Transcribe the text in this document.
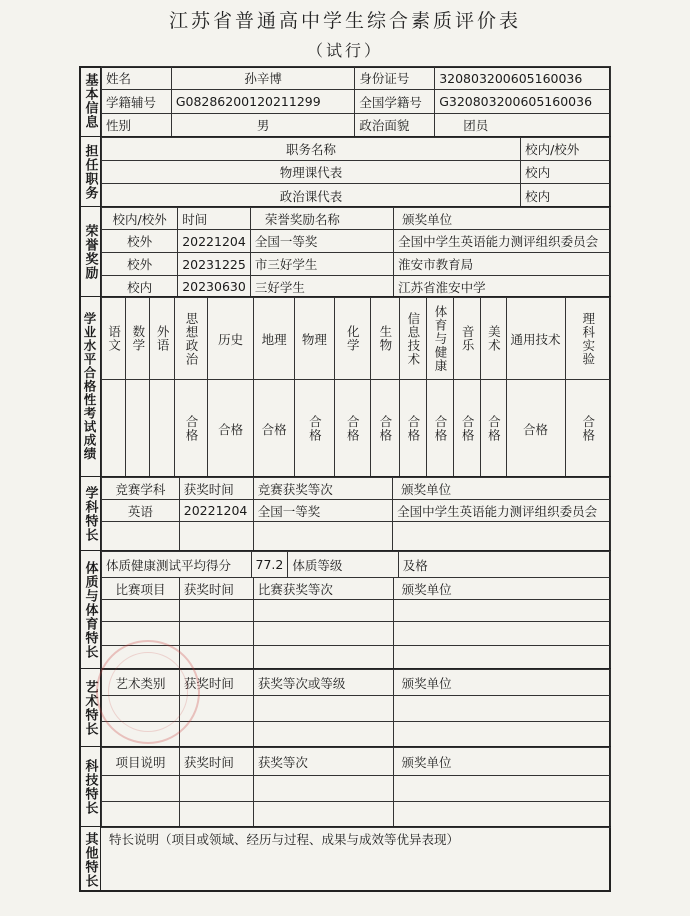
江苏省普通高中学生综合素质评价表
（试行）
基本信息 姓名	孙辛博	身份证号	320803200605160036
学籍辅号	G08286200120211299	全国学籍号	G320803200605160036
性别	男	政治面貌	团员
担任职务	职务名称	校内/校外
物理课代表	校内
政治课代表	校内
荣誉奖励
校内/校外	时间	荣誉奖励名称	颁奖单位
校外	20221204	全国一等奖	全国中学生英语能力测评组织委员会
校外	20231225	市三好学生	淮安市教育局
校内	20230630	三好学生	江苏省淮安中学
学业水平合格性考试成绩 语文	数学	外语	思想政治	历史	地理	物理	化学	生物	信息技术	体育与健康	音乐	美术	通用技术	理科实验
			合格	合格	合格	合格	合格	合格	合格	合格	合格	合格	合格	合格
学科特长 竞赛学科	获奖时间	竞赛获奖等次	颁奖单位
英语	20221204	全国一等奖	全国中学生英语能力测评组织委员会

体质与体育特长 体质健康测试平均得分	77.2	体质等级	及格
比赛项目	获奖时间	比赛获奖等次	颁奖单位

艺术特长 艺术类别	获奖时间	获奖等次或等级	颁奖单位

科技特长 项目说明	获奖时间	获奖等次	颁奖单位

其他特长 特长说明（项目或领域、经历与过程、成果与成效等优异表现）
